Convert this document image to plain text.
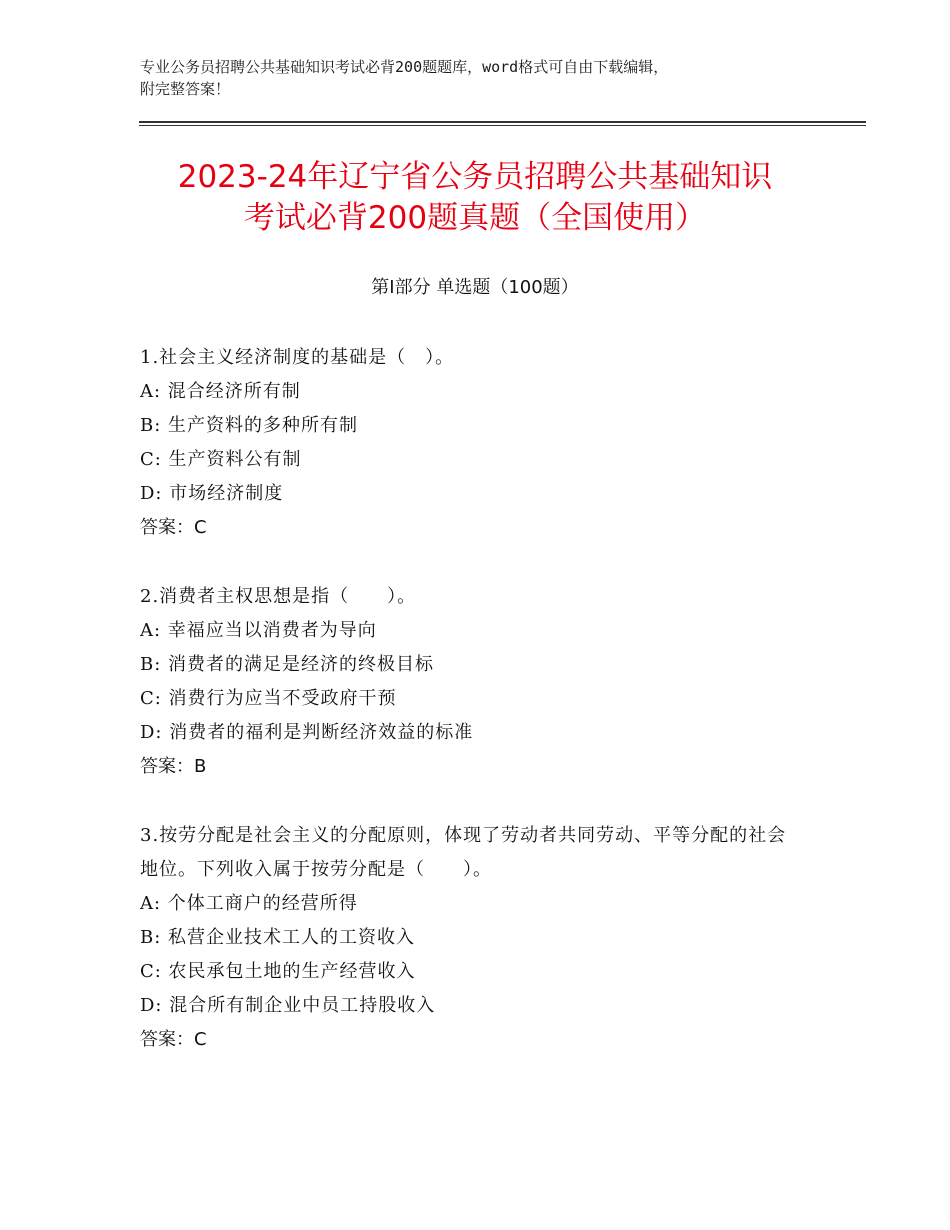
专业公务员招聘公共基础知识考试必背200题题库，word格式可自由下载编辑，
附完整答案！
2023-24年辽宁省公务员招聘公共基础知识
考试必背200题真题（全国使用）
第Ⅰ部分 单选题（100题）

1.社会主义经济制度的基础是（　）。

A: 混合经济所有制

B: 生产资料的多种所有制

C: 生产资料公有制

D: 市场经济制度

答案：C

2.消费者主权思想是指（　　）。

A: 幸福应当以消费者为导向

B: 消费者的满足是经济的终极目标

C: 消费行为应当不受政府干预

D: 消费者的福利是判断经济效益的标准

答案：B

3.按劳分配是社会主义的分配原则，体现了劳动者共同劳动、平等分配的社会地位。下列收入属于按劳分配是（　　）。

A: 个体工商户的经营所得

B: 私营企业技术工人的工资收入

C: 农民承包土地的生产经营收入

D: 混合所有制企业中员工持股收入

答案：C
